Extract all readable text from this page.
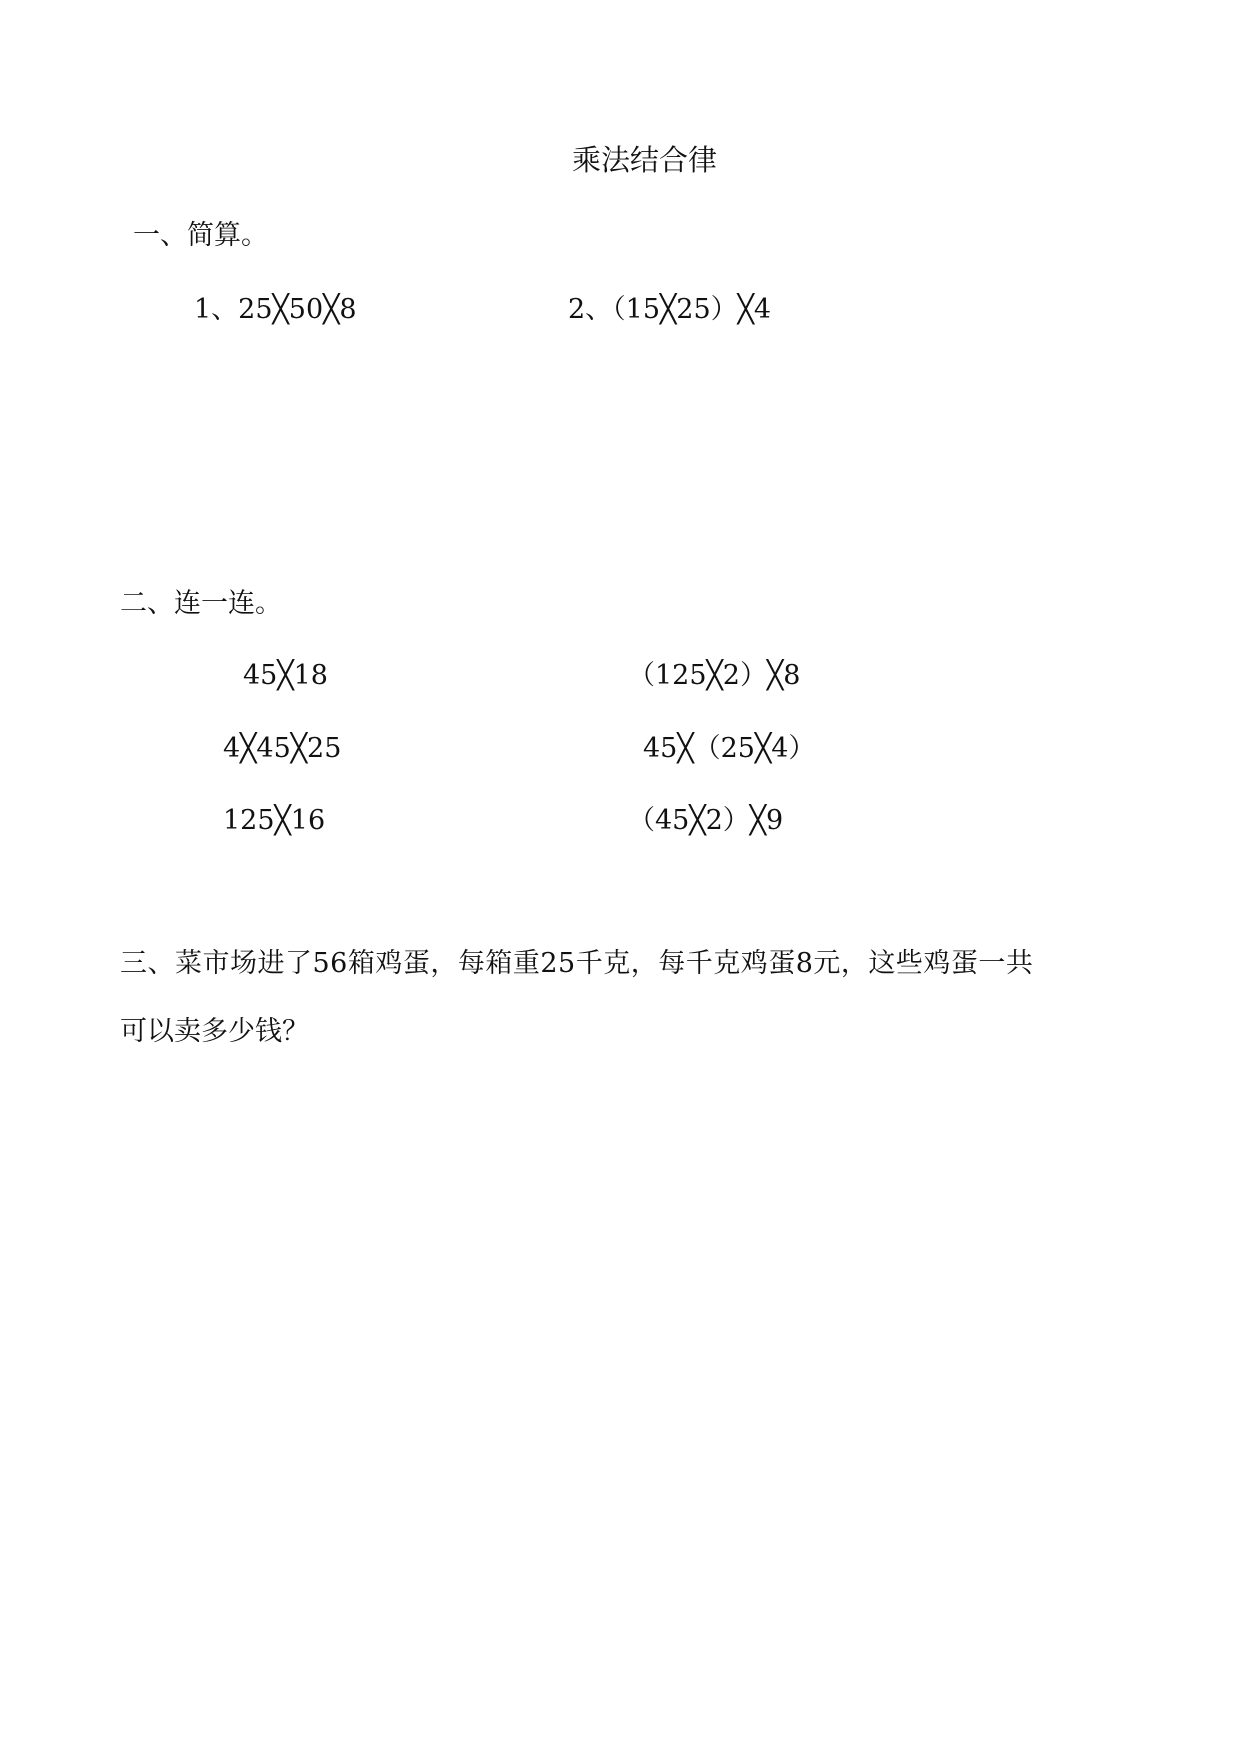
乘法结合律
一、简算。
1、25╳50╳8	2、（15╳25）╳4
二、连一连。
45╳18
4╳45╳25
125╳16
（125╳2）╳8
45╳（25╳4）
（45╳2）╳9
三、菜市场进了56箱鸡蛋，每箱重25千克，每千克鸡蛋8元，这些鸡蛋一共
可以卖多少钱？
